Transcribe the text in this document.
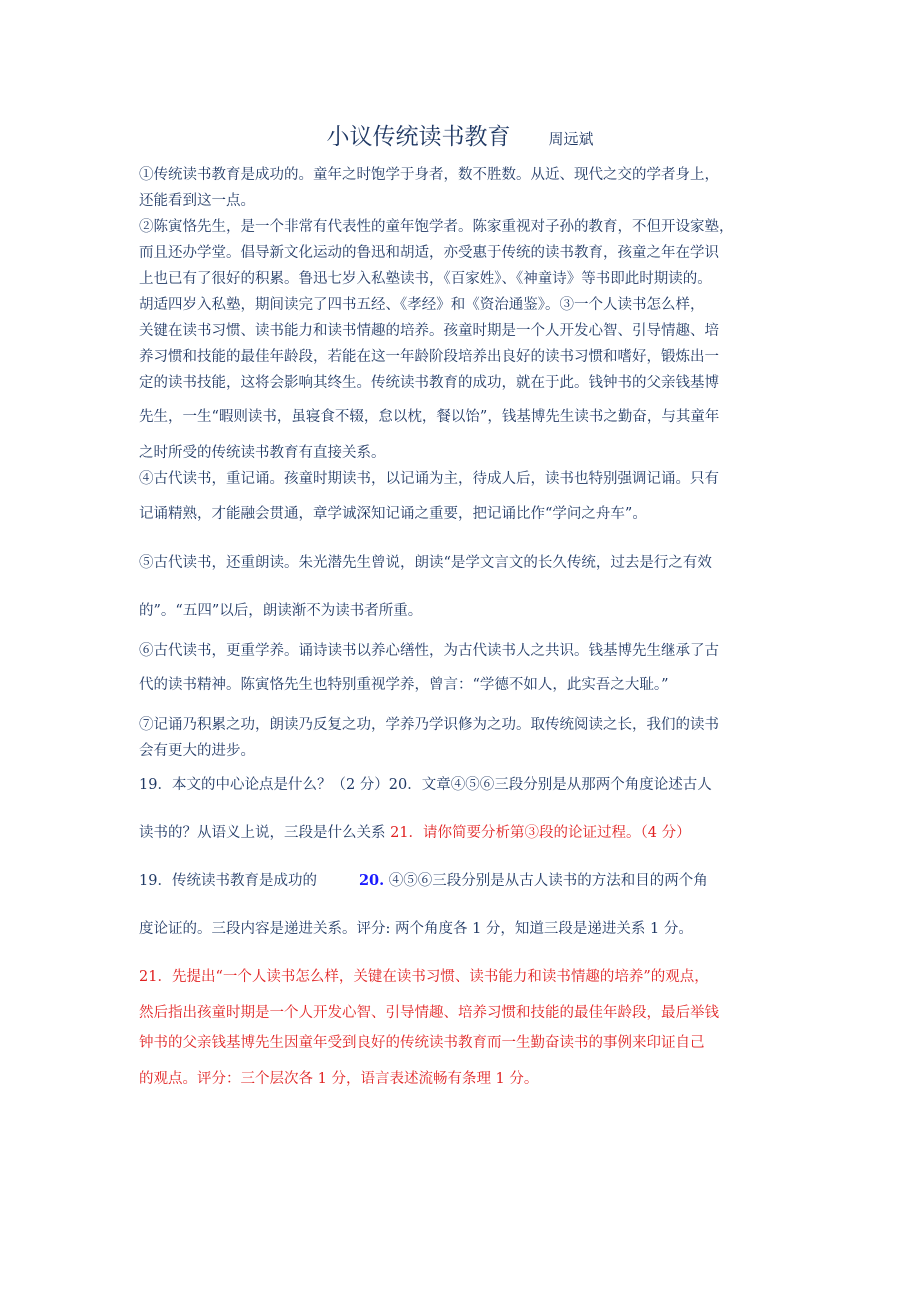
小议传统读书教育	周远斌
①传统读书教育是成功的。童年之时饱学于身者，数不胜数。从近、现代之交的学者身上，
还能看到这一点。
②陈寅恪先生，是一个非常有代表性的童年饱学者。陈家重视对子孙的教育，不但开设家塾，
而且还办学堂。倡导新文化运动的鲁迅和胡适，亦受惠于传统的读书教育，孩童之年在学识
上也已有了很好的积累。鲁迅七岁入私塾读书，《百家姓》、《神童诗》等书即此时期读的。
胡适四岁入私塾，期间读完了四书五经、《孝经》和《资治通鉴》。③一个人读书怎么样，
关键在读书习惯、读书能力和读书情趣的培养。孩童时期是一个人开发心智、引导情趣、培
养习惯和技能的最佳年龄段，若能在这一年龄阶段培养出良好的读书习惯和嗜好，锻炼出一
定的读书技能，这将会影响其终生。传统读书教育的成功，就在于此。钱钟书的父亲钱基博
先生，一生“暇则读书，虽寝食不辍，怠以枕，餐以饴”，钱基博先生读书之勤奋，与其童年
之时所受的传统读书教育有直接关系。
④古代读书，重记诵。孩童时期读书，以记诵为主，待成人后，读书也特别强调记诵。只有
记诵精熟，才能融会贯通，章学诚深知记诵之重要，把记诵比作“学问之舟车”。
⑤古代读书，还重朗读。朱光潜先生曾说，朗读“是学文言文的长久传统，过去是行之有效
的”。“五四”以后，朗读渐不为读书者所重。
⑥古代读书，更重学养。诵诗读书以养心缮性，为古代读书人之共识。钱基博先生继承了古
代的读书精神。陈寅恪先生也特别重视学养，曾言：“学德不如人，此实吾之大耻。”
⑦记诵乃积累之功，朗读乃反复之功，学养乃学识修为之功。取传统阅读之长，我们的读书
会有更大的进步。
19．本文的中心论点是什么？（2 分）20．文章④⑤⑥三段分别是从那两个角度论述古人
读书的？从语义上说，三段是什么关系 21．请你简要分析第③段的论证过程。（4 分）
19．传统读书教育是成功的	20. ④⑤⑥三段分别是从古人读书的方法和目的两个角
度论证的。三段内容是递进关系。评分: 两个角度各 1 分，知道三段是递进关系 1 分。
21．先提出“一个人读书怎么样，关键在读书习惯、读书能力和读书情趣的培养”的观点，
然后指出孩童时期是一个人开发心智、引导情趣、培养习惯和技能的最佳年龄段，最后举钱
钟书的父亲钱基博先生因童年受到良好的传统读书教育而一生勤奋读书的事例来印证自己
的观点。评分：三个层次各 1 分，语言表述流畅有条理 1 分。
